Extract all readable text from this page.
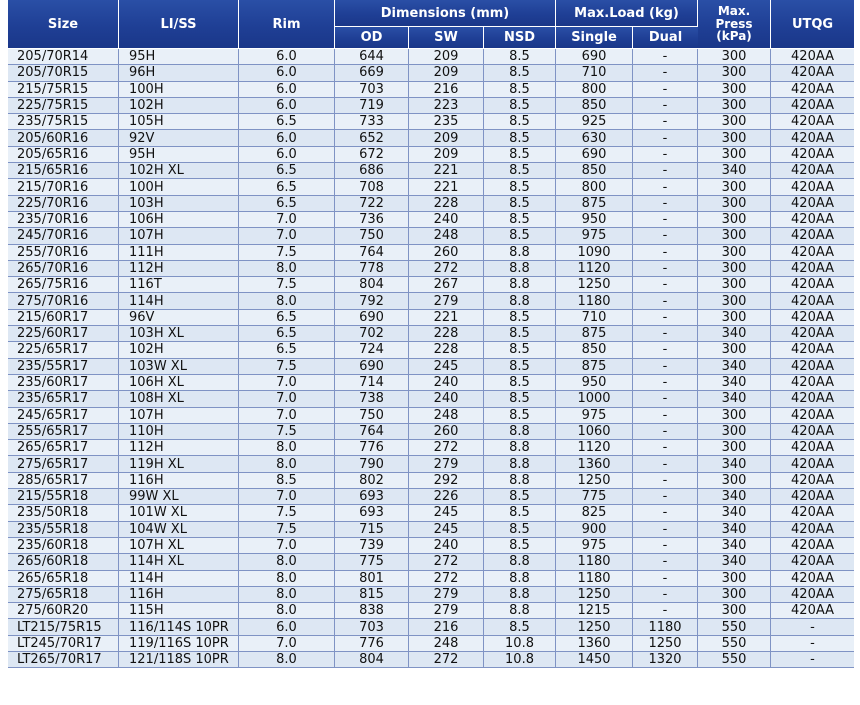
Size	LI/SS	Rim	Dimensions (mm)			Max.Load (kg)		Max.
Press
(kPa)	UTQG
			OD	SW	NSD	Single	Dual		
205/70R14	95H	6.0	644	209	8.5	690	-	300	420AA
205/70R15	96H	6.0	669	209	8.5	710	-	300	420AA
215/75R15	100H	6.0	703	216	8.5	800	-	300	420AA
225/75R15	102H	6.0	719	223	8.5	850	-	300	420AA
235/75R15	105H	6.5	733	235	8.5	925	-	300	420AA
205/60R16	92V	6.0	652	209	8.5	630	-	300	420AA
205/65R16	95H	6.0	672	209	8.5	690	-	300	420AA
215/65R16	102H XL	6.5	686	221	8.5	850	-	340	420AA
215/70R16	100H	6.5	708	221	8.5	800	-	300	420AA
225/70R16	103H	6.5	722	228	8.5	875	-	300	420AA
235/70R16	106H	7.0	736	240	8.5	950	-	300	420AA
245/70R16	107H	7.0	750	248	8.5	975	-	300	420AA
255/70R16	111H	7.5	764	260	8.8	1090	-	300	420AA
265/70R16	112H	8.0	778	272	8.8	1120	-	300	420AA
265/75R16	116T	7.5	804	267	8.8	1250	-	300	420AA
275/70R16	114H	8.0	792	279	8.8	1180	-	300	420AA
215/60R17	96V	6.5	690	221	8.5	710	-	300	420AA
225/60R17	103H XL	6.5	702	228	8.5	875	-	340	420AA
225/65R17	102H	6.5	724	228	8.5	850	-	300	420AA
235/55R17	103W XL	7.5	690	245	8.5	875	-	340	420AA
235/60R17	106H XL	7.0	714	240	8.5	950	-	340	420AA
235/65R17	108H XL	7.0	738	240	8.5	1000	-	340	420AA
245/65R17	107H	7.0	750	248	8.5	975	-	300	420AA
255/65R17	110H	7.5	764	260	8.8	1060	-	300	420AA
265/65R17	112H	8.0	776	272	8.8	1120	-	300	420AA
275/65R17	119H XL	8.0	790	279	8.8	1360	-	340	420AA
285/65R17	116H	8.5	802	292	8.8	1250	-	300	420AA
215/55R18	99W XL	7.0	693	226	8.5	775	-	340	420AA
235/50R18	101W XL	7.5	693	245	8.5	825	-	340	420AA
235/55R18	104W XL	7.5	715	245	8.5	900	-	340	420AA
235/60R18	107H XL	7.0	739	240	8.5	975	-	340	420AA
265/60R18	114H XL	8.0	775	272	8.8	1180	-	340	420AA
265/65R18	114H	8.0	801	272	8.8	1180	-	300	420AA
275/65R18	116H	8.0	815	279	8.8	1250	-	300	420AA
275/60R20	115H	8.0	838	279	8.8	1215	-	300	420AA
LT215/75R15	116/114S 10PR	6.0	703	216	8.5	1250	1180	550	-
LT245/70R17	119/116S 10PR	7.0	776	248	10.8	1360	1250	550	-
LT265/70R17	121/118S 10PR	8.0	804	272	10.8	1450	1320	550	-
